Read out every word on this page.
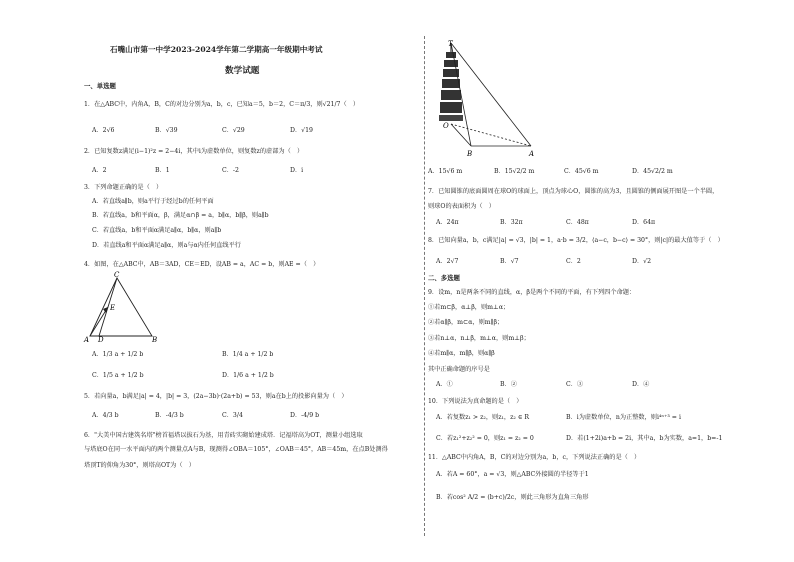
石嘴山市第一中学2023-2024学年第二学期高一年级期中考试
数学试题
一、单选题
1．在△ABC中，内角A，B，C的对边分别为a，b，c，已知a＝5，b＝2，C＝π/3，则√21/7（　）
A．2√6	B．√39	C．√29	D．√19
2．已知复数z满足(i−1)²z = 2−4i，其中i为虚数单位，则复数z的虚部为（　）
A．2	B．1	C．-2	D．i
3．下列命题正确的是（　）
A．若直线a∥b，则a平行于经过b的任何平面
B．若直线a，b和平面α，β，满足α∩β = a，b∥α，b∥β，则a∥b
C．若直线a，b和平面α满足a∥α，b∥α，则a∥b
D．若直线a和平面α满足a∥α，则a与α内任何直线平行
4．如图，在△ABC中，AB＝3AD，CE＝ED，设AB = a，AC = b，则AE =（　）
C
E
A D	B
A．1/3 a + 1/2 b	B．1/4 a + 1/2 b
C．1/5 a + 1/2 b	D．1/6 a + 1/2 b
5．若向量a，b满足|a| = 4，|b| = 3，(2a−3b)·(2a+b) = 53，则a在b上的投影向量为（　）
A．4/3 b	B．-4/3 b	C．3/4	D．-4/9 b
6．"大美中国古建筑名塔"榜首福塔以拔石为基，用青砖实砌始建成塔．记福塔高为OT，测量小组选取
与塔底O在同一水平面内的两个测量点A与B，现测得∠OBA＝105°，∠OAB＝45°，AB＝45m，在点B处测得
塔顶T的仰角为30°，则塔高OT为（　）
T
O
B	A
A．15√6 m	B．15√2/2 m	C．45√6 m	D．45√2/2 m
7．已知圆锥的底面圆周在球O的球面上，顶点为球心O，圆锥的高为3，且圆锥的侧面展开图是一个半圆，
则球O的表面积为（　）
A．24π	B．32π	C．48π	D．64π
8．已知向量a，b，c满足|a| = √3，|b| = 1，a·b = 3/2，⟨a−c，b−c⟩ = 30°，则|c|的最大值等于（　）
A．2√7	B．√7	C．2	D．√2
二、多选题
9．设m，n是两条不同的直线，α，β是两个不同的平面，有下列四个命题：
①若m⊂β，α⊥β，则m⊥α；
②若α∥β，m⊂α，则m∥β；
③若n⊥α，n⊥β，m⊥α，则m⊥β；
④若m∥α，m∥β，则α∥β
其中正确命题的序号是
A．①	B．②	C．③	D．④
10．下列说法为真命题的是（　）
A．若复数z₁ > z₂，则z₁，z₂ ∈ R	B．i为虚数单位，n为正整数，则i⁴ⁿ⁺³ = i
C．若z₁²+z₂² = 0，则z₁ = z₂ = 0	D．若(1+2i)a+b = 2i，其中a，b为实数，a=1，b=-1
11．△ABC中内角A，B，C的对边分别为a，b，c，下列说法正确的是（　）
A．若A = 60°，a = √3，则△ABC外接圆的半径等于1
B．若cos² A/2 = (b+c)/2c，则此三角形为直角三角形
